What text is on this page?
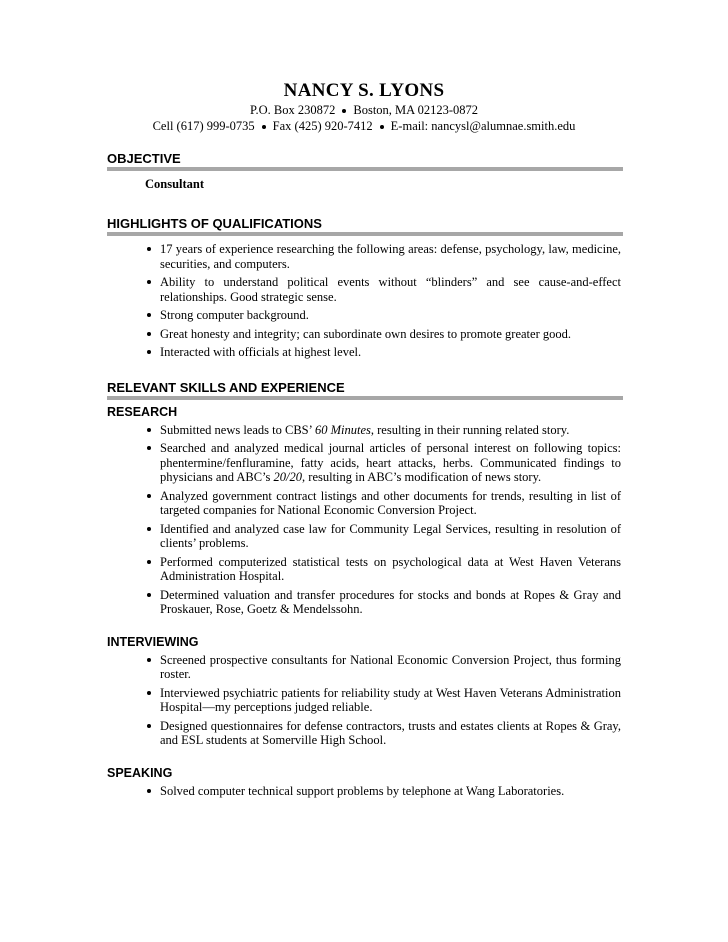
NANCY S. LYONS
P.O. Box 230872 Boston, MA 02123-0872
Cell (617) 999-0735 Fax (425) 920-7412 E-mail: nancysl@alumnae.smith.edu
OBJECTIVE
Consultant
HIGHLIGHTS OF QUALIFICATIONS
17 years of experience researching the following areas: defense, psychology, law, medicine, securities, and computers.
Ability to understand political events without “blinders” and see cause-and-effect relationships. Good strategic sense.
Strong computer background.
Great honesty and integrity; can subordinate own desires to promote greater good.
Interacted with officials at highest level.
RELEVANT SKILLS AND EXPERIENCE
RESEARCH
Submitted news leads to CBS’ 60 Minutes, resulting in their running related story.
Searched and analyzed medical journal articles of personal interest on following topics: phentermine/fenfluramine, fatty acids, heart attacks, herbs. Communicated findings to physicians and ABC’s 20/20, resulting in ABC’s modification of news story.
Analyzed government contract listings and other documents for trends, resulting in list of targeted companies for National Economic Conversion Project.
Identified and analyzed case law for Community Legal Services, resulting in resolution of clients’ problems.
Performed computerized statistical tests on psychological data at West Haven Veterans Administration Hospital.
Determined valuation and transfer procedures for stocks and bonds at Ropes & Gray and Proskauer, Rose, Goetz & Mendelssohn.
INTERVIEWING
Screened prospective consultants for National Economic Conversion Project, thus forming roster.
Interviewed psychiatric patients for reliability study at West Haven Veterans Administration Hospital—my perceptions judged reliable.
Designed questionnaires for defense contractors, trusts and estates clients at Ropes & Gray, and ESL students at Somerville High School.
SPEAKING
Solved computer technical support problems by telephone at Wang Laboratories.
